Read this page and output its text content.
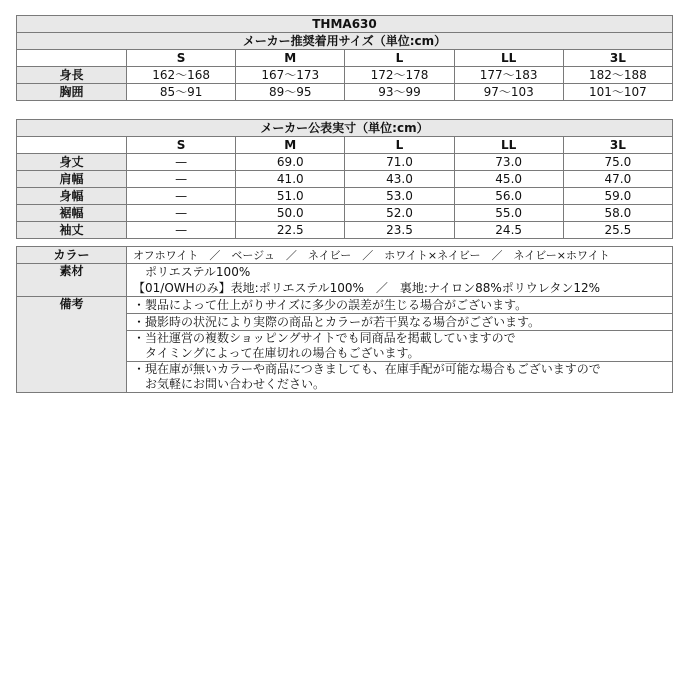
THMA630					
メーカー推奨着用サイズ（単位:cm）					
	S	M	L	LL	3L
身長	162〜168	167〜173	172〜178	177〜183	182〜188
胸囲	85〜91	89〜95	93〜99	97〜103	101〜107
メーカー公表実寸（単位:cm）					
	S	M	L	LL	3L
身丈	—	69.0	71.0	73.0	75.0
肩幅	—	41.0	43.0	45.0	47.0
身幅	—	51.0	53.0	56.0	59.0
裾幅	—	50.0	52.0	55.0	58.0
袖丈	—	22.5	23.5	24.5	25.5
カラー	オフホワイト　／　ベージュ　／　ネイビー　／　ホワイト×ネイビー　／　ネイビー×ホワイト
素材	　ポリエステル100%
	【01/OWHのみ】表地:ポリエステル100%　／　裏地:ナイロン88%ポリウレタン12%
備考	・製品によって仕上がりサイズに多少の誤差が生じる場合がございます。
	・撮影時の状況により実際の商品とカラーが若干異なる場合がございます。
	・当社運営の複数ショッピングサイトでも同商品を掲載していますので
　タイミングによって在庫切れの場合もございます。
	・現在庫が無いカラーや商品につきましても、在庫手配が可能な場合もございますので
　お気軽にお問い合わせください。
